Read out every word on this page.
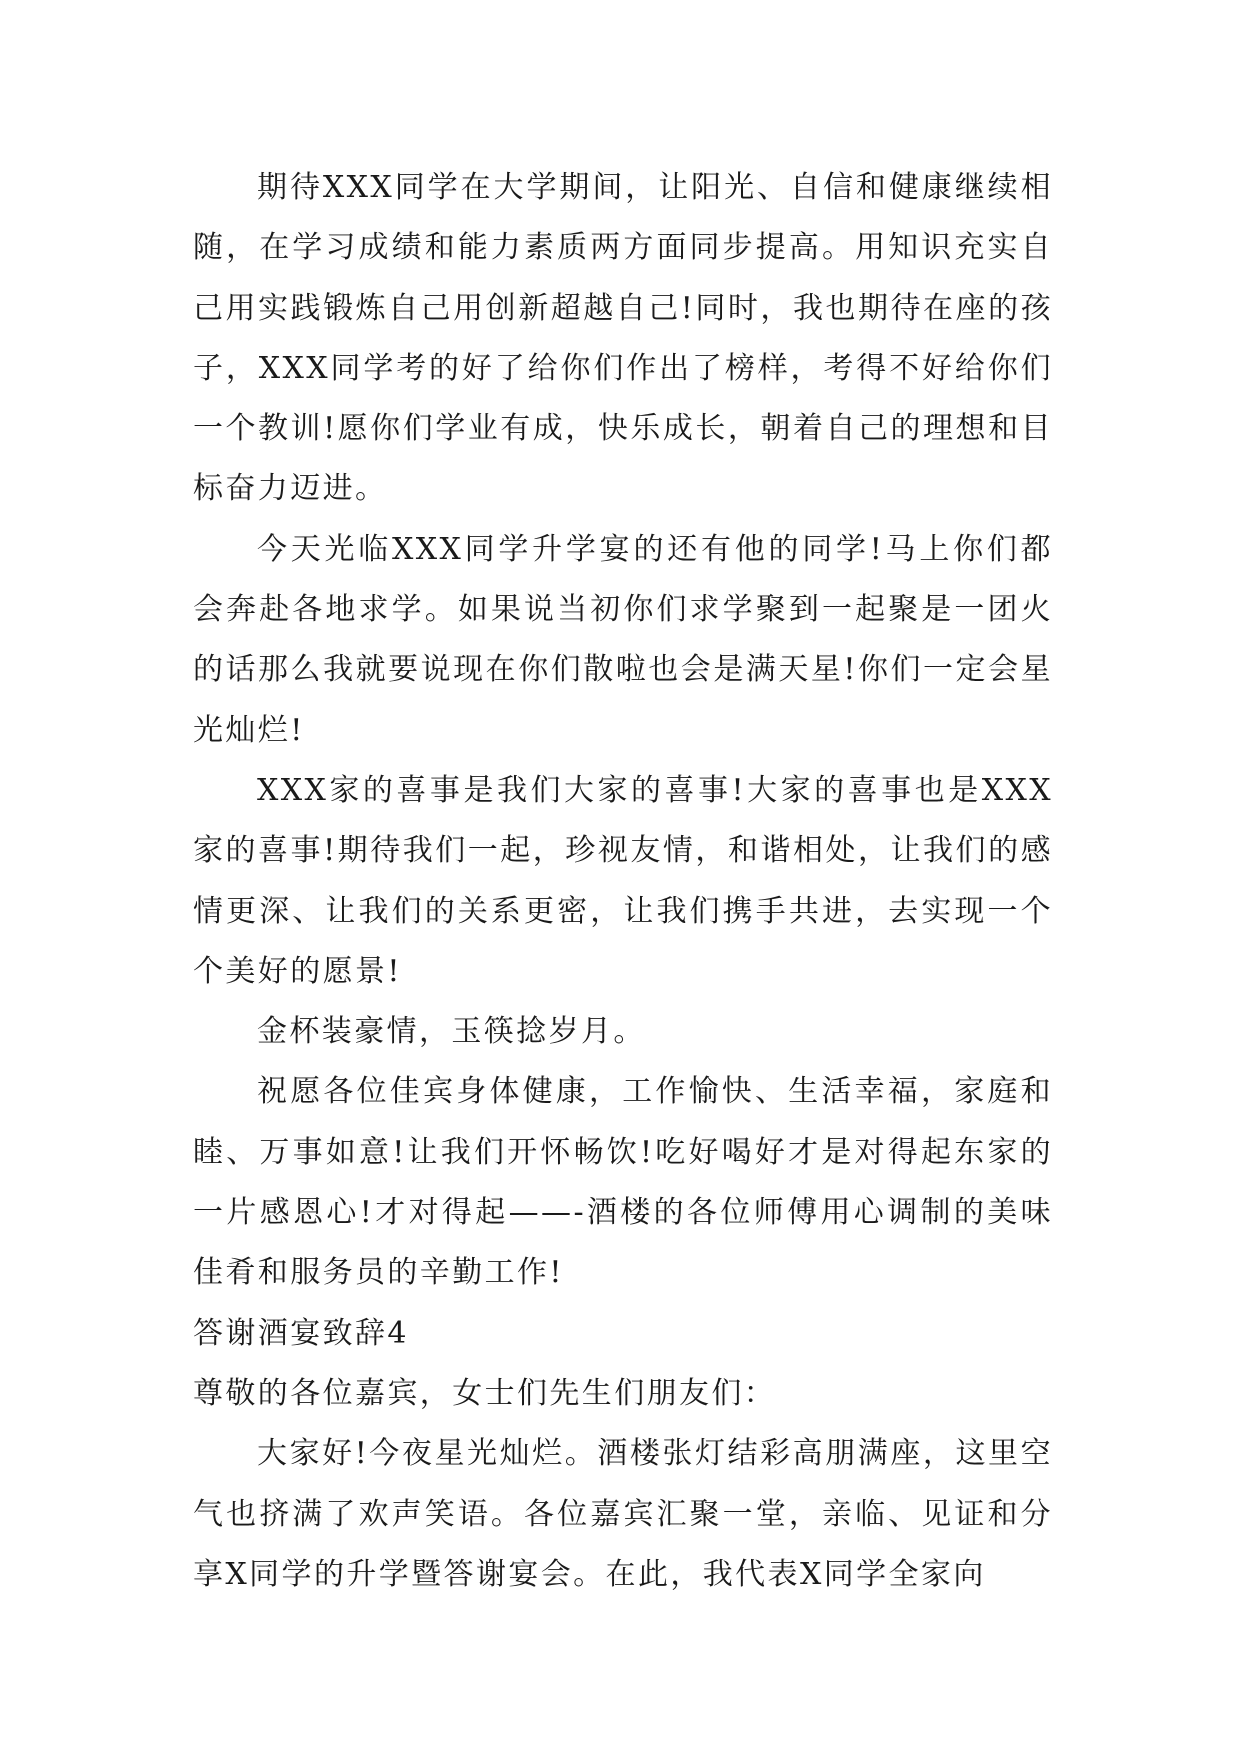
期待XXX同学在大学期间，让阳光、自信和健康继续相随，在学习成绩和能力素质两方面同步提高。用知识充实自己用实践锻炼自己用创新超越自己!同时，我也期待在座的孩子，XXX同学考的好了给你们作出了榜样，考得不好给你们一个教训!愿你们学业有成，快乐成长，朝着自己的理想和目标奋力迈进。

今天光临XXX同学升学宴的还有他的同学!马上你们都会奔赴各地求学。如果说当初你们求学聚到一起聚是一团火的话那么我就要说现在你们散啦也会是满天星!你们一定会星光灿烂!

XXX家的喜事是我们大家的喜事!大家的喜事也是XXX家的喜事!期待我们一起，珍视友情，和谐相处，让我们的感情更深、让我们的关系更密，让我们携手共进，去实现一个个美好的愿景!

金杯装豪情，玉筷捻岁月。

祝愿各位佳宾身体健康，工作愉快、生活幸福，家庭和睦、万事如意!让我们开怀畅饮!吃好喝好才是对得起东家的一片感恩心!才对得起——-酒楼的各位师傅用心调制的美味佳肴和服务员的辛勤工作!

答谢酒宴致辞4

尊敬的各位嘉宾，女士们先生们朋友们：

大家好!今夜星光灿烂。酒楼张灯结彩高朋满座，这里空气也挤满了欢声笑语。各位嘉宾汇聚一堂，亲临、见证和分享X同学的升学暨答谢宴会。在此，我代表X同学全家向
